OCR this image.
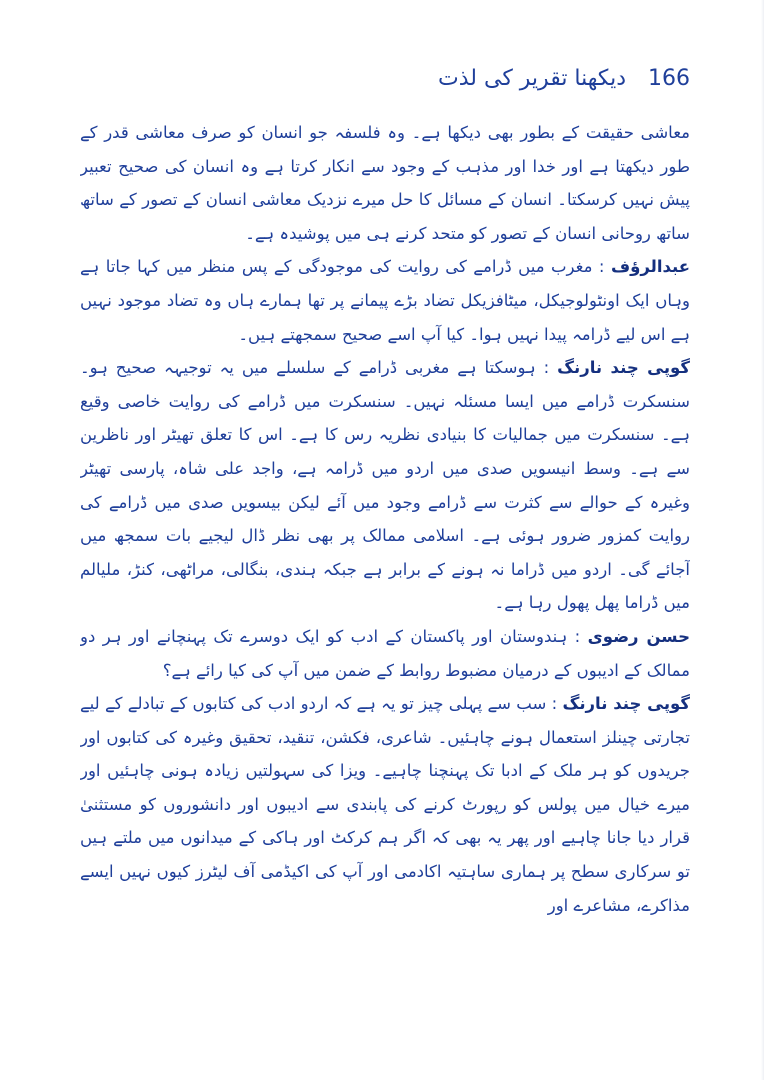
166
دیکھنا تقریر کی لذت

معاشی حقیقت کے بطور بھی دیکھا ہے۔ وہ فلسفہ جو انسان کو صرف معاشی قدر کے طور دیکھتا ہے اور خدا اور مذہب کے وجود سے انکار کرتا ہے وہ انسان کی صحیح تعبیر پیش نہیں کرسکتا۔ انسان کے مسائل کا حل میرے نزدیک معاشی انسان کے تصور کے ساتھ ساتھ روحانی انسان کے تصور کو متحد کرنے ہی میں پوشیدہ ہے۔

عبدالرؤف : مغرب میں ڈرامے کی روایت کی موجودگی کے پس منظر میں کہا جاتا ہے وہاں ایک اونٹولوجیکل، میٹافزیکل تضاد بڑے پیمانے پر تھا ہمارے ہاں وہ تضاد موجود نہیں ہے اس لیے ڈرامہ پیدا نہیں ہوا۔ کیا آپ اسے صحیح سمجھتے ہیں۔

گوپی چند نارنگ : ہوسکتا ہے مغربی ڈرامے کے سلسلے میں یہ توجیہہ صحیح ہو۔ سنسکرت ڈرامے میں ایسا مسئلہ نہیں۔ سنسکرت میں ڈرامے کی روایت خاصی وقیع ہے۔ سنسکرت میں جمالیات کا بنیادی نظریہ رس کا ہے۔ اس کا تعلق تھیٹر اور ناظرین سے ہے۔ وسط انیسویں صدی میں اردو میں ڈرامہ ہے، واجد علی شاہ، پارسی تھیٹر وغیرہ کے حوالے سے کثرت سے ڈرامے وجود میں آئے لیکن بیسویں صدی میں ڈرامے کی روایت کمزور ضرور ہوئی ہے۔ اسلامی ممالک پر بھی نظر ڈال لیجیے بات سمجھ میں آجائے گی۔ اردو میں ڈراما نہ ہونے کے برابر ہے جبکہ ہندی، بنگالی، مراٹھی، کنڑ، ملیالم میں ڈراما پھل پھول رہا ہے۔

حسن رضوی : ہندوستان اور پاکستان کے ادب کو ایک دوسرے تک پہنچانے اور ہر دو ممالک کے ادیبوں کے درمیان مضبوط روابط کے ضمن میں آپ کی کیا رائے ہے؟

گوپی چند نارنگ : سب سے پہلی چیز تو یہ ہے کہ اردو ادب کی کتابوں کے تبادلے کے لیے تجارتی چینلز استعمال ہونے چاہئیں۔ شاعری، فکشن، تنقید، تحقیق وغیرہ کی کتابوں اور جریدوں کو ہر ملک کے ادبا تک پہنچنا چاہیے۔ ویزا کی سہولتیں زیادہ ہونی چاہئیں اور میرے خیال میں پولس کو رپورٹ کرنے کی پابندی سے ادیبوں اور دانشوروں کو مستثنیٰ قرار دیا جانا چاہیے اور پھر یہ بھی کہ اگر ہم کرکٹ اور ہاکی کے میدانوں میں ملتے ہیں تو سرکاری سطح پر ہماری ساہتیہ اکادمی اور آپ کی اکیڈمی آف لیٹرز کیوں نہیں ایسے مذاکرے، مشاعرے اور
